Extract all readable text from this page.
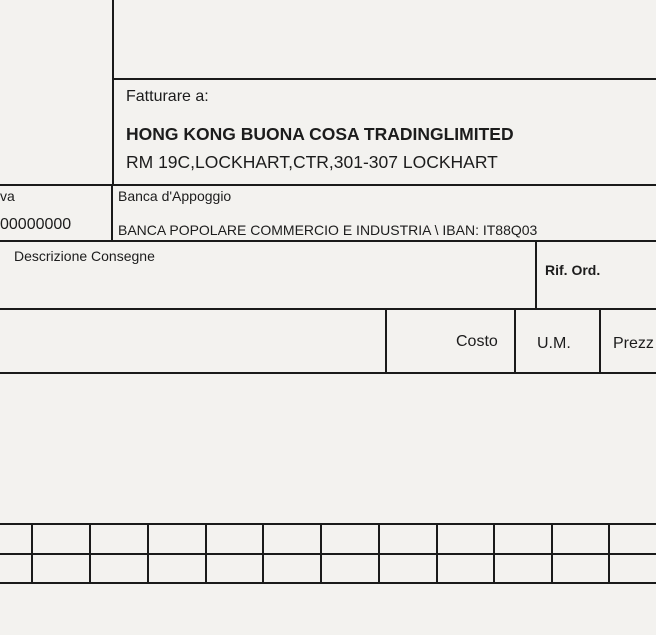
Fatturare a:
HONG KONG BUONA COSA TRADINGLIMITED
RM 19C,LOCKHART,CTR,301-307 LOCKHART
va
00000000
Banca d'Appoggio
BANCA POPOLARE COMMERCIO E INDUSTRIA \ IBAN: IT88Q03
Descrizione Consegne
Rif. Ord.
Costo U.M.	Prezz
